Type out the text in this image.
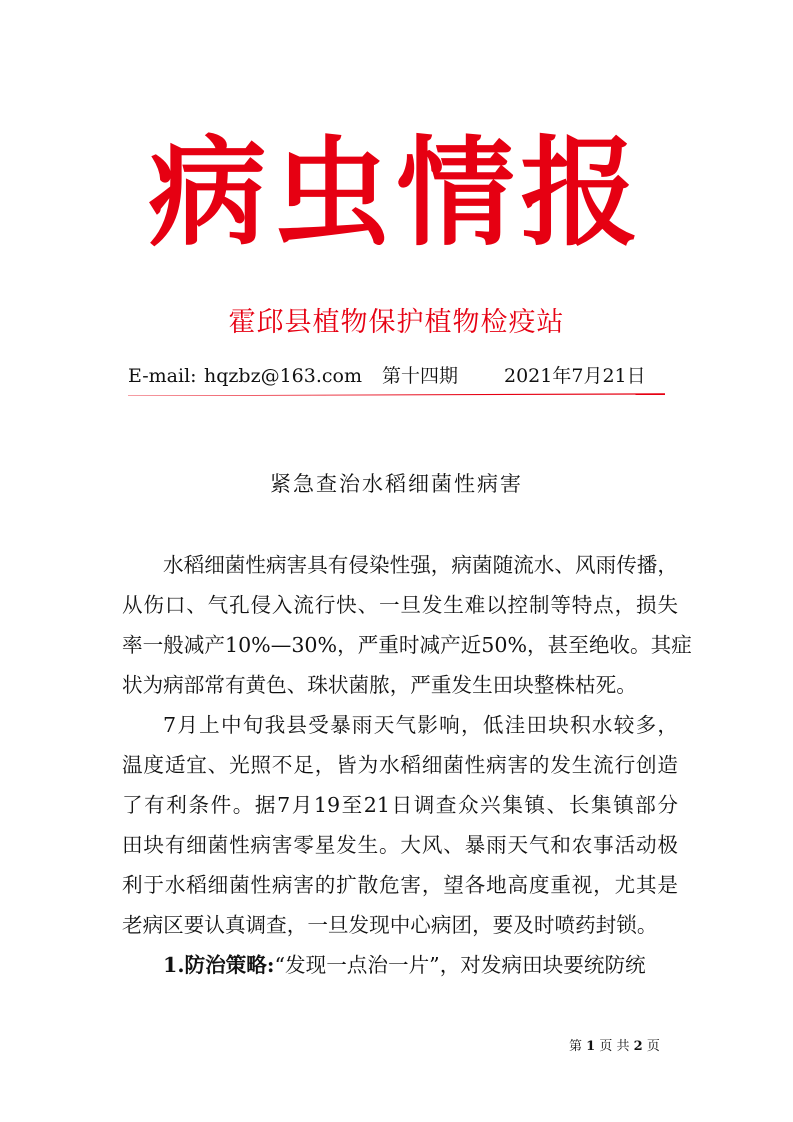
病虫情报
霍邱县植物保护植物检疫站
E-mail: hqzbz@163.com 第十四期 2021年7月21日
紧急查治水稻细菌性病害
水稻细菌性病害具有侵染性强，病菌随流水、风雨传播，
从伤口、气孔侵入流行快、一旦发生难以控制等特点，损失
率一般减产10%—30%，严重时减产近50%，甚至绝收。其症
状为病部常有黄色、珠状菌脓，严重发生田块整株枯死。
7月上中旬我县受暴雨天气影响，低洼田块积水较多，
温度适宜、光照不足，皆为水稻细菌性病害的发生流行创造
了有利条件。据7月19至21日调查众兴集镇、长集镇部分
田块有细菌性病害零星发生。大风、暴雨天气和农事活动极
利于水稻细菌性病害的扩散危害，望各地高度重视，尤其是
老病区要认真调查，一旦发现中心病团，要及时喷药封锁。
1.防治策略:“发现一点治一片”，对发病田块要统防统
第 1 页 共 2 页
